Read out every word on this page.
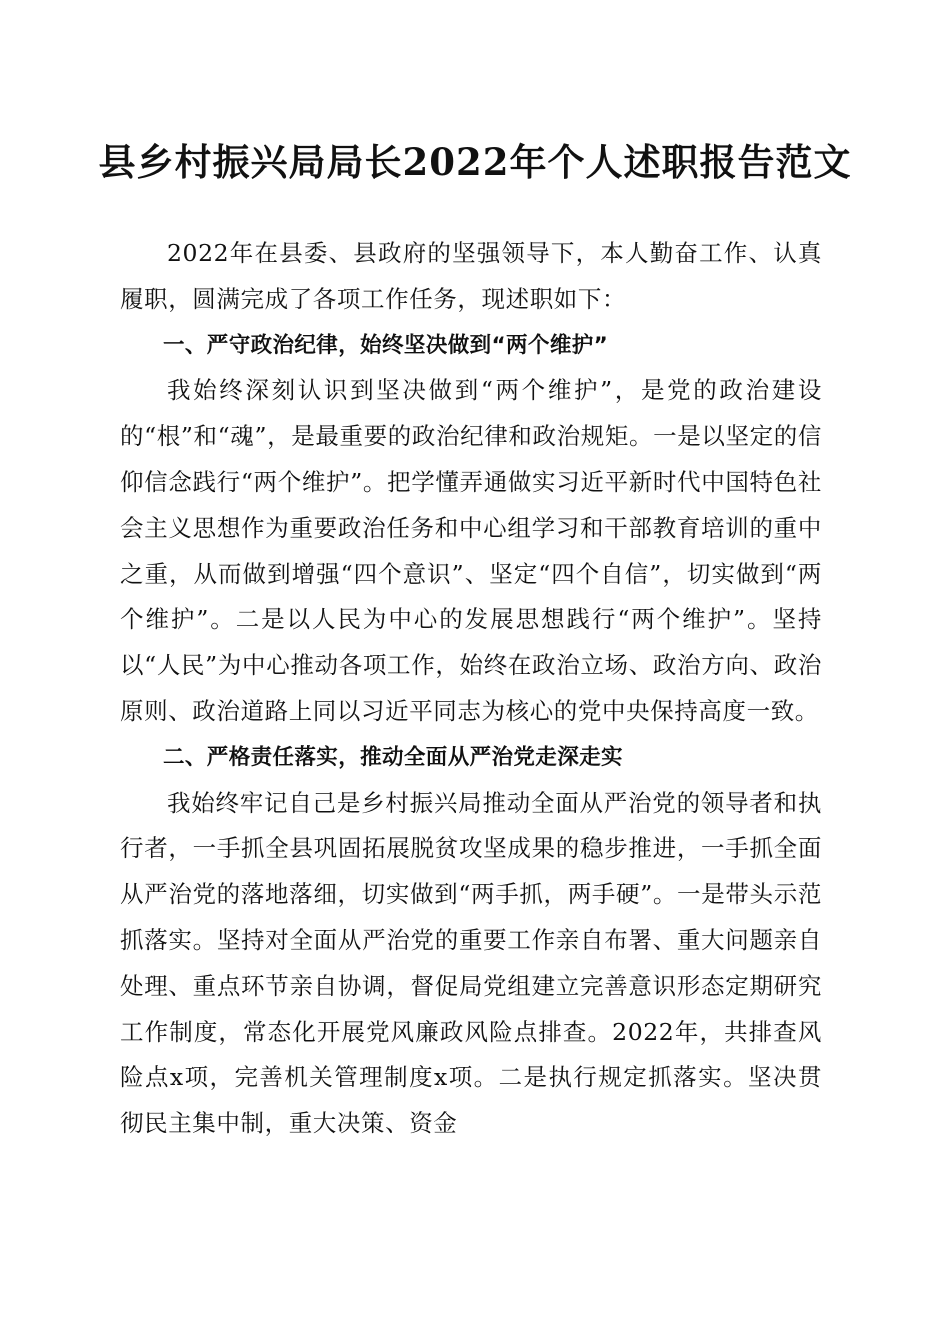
县乡村振兴局局长2022年个人述职报告范文

2022年在县委、县政府的坚强领导下，本人勤奋工作、认真履职，圆满完成了各项工作任务，现述职如下：

一、严守政治纪律，始终坚决做到“两个维护”

我始终深刻认识到坚决做到“两个维护”，是党的政治建设的“根”和“魂”，是最重要的政治纪律和政治规矩。一是以坚定的信仰信念践行“两个维护”。把学懂弄通做实习近平新时代中国特色社会主义思想作为重要政治任务和中心组学习和干部教育培训的重中之重，从而做到增强“四个意识”、坚定“四个自信”，切实做到“两个维护”。二是以人民为中心的发展思想践行“两个维护”。坚持以“人民”为中心推动各项工作，始终在政治立场、政治方向、政治原则、政治道路上同以习近平同志为核心的党中央保持高度一致。

二、严格责任落实，推动全面从严治党走深走实

我始终牢记自己是乡村振兴局推动全面从严治党的领导者和执行者，一手抓全县巩固拓展脱贫攻坚成果的稳步推进，一手抓全面从严治党的落地落细，切实做到“两手抓，两手硬”。一是带头示范抓落实。坚持对全面从严治党的重要工作亲自布署、重大问题亲自处理、重点环节亲自协调，督促局党组建立完善意识形态定期研究工作制度，常态化开展党风廉政风险点排查。2022年，共排查风险点x项，完善机关管理制度x项。二是执行规定抓落实。坚决贯彻民主集中制，重大决策、资金
